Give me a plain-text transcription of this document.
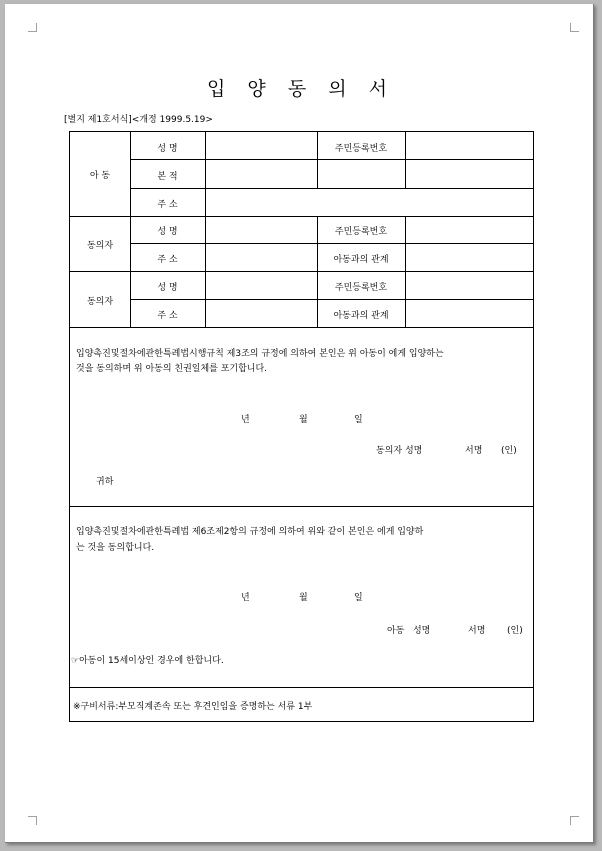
입 양 동 의 서
[별지 제1호서식]<개정 1999.5.19>
아 동
성 명	주민등록번호
본 적
주 소
동의자
성 명	주민등록번호
주 소	아동과의 관계
동의자
성 명	주민등록번호
주 소	아동과의 관계
입양촉진및절차에관한특례법시행규칙 제3조의 규정에 의하여 본인은 위 아동이 에게 입양하는
것을 동의하며 위 아동의 친권일체를 포기합니다.
년	월	일
동의자 성명	서명 (인)
귀하
입양촉진및절차에관한특례법 제6조제2항의 규정에 의하여 위와 같이 본인은 에게 입양하
는 것을 동의합니다.
년	월	일
아동   성명	서명 (인)
☞아동이 15세이상인 경우에 한합니다.
※구비서류:부모직계존속 또는 후견인임을 증명하는 서류 1부
